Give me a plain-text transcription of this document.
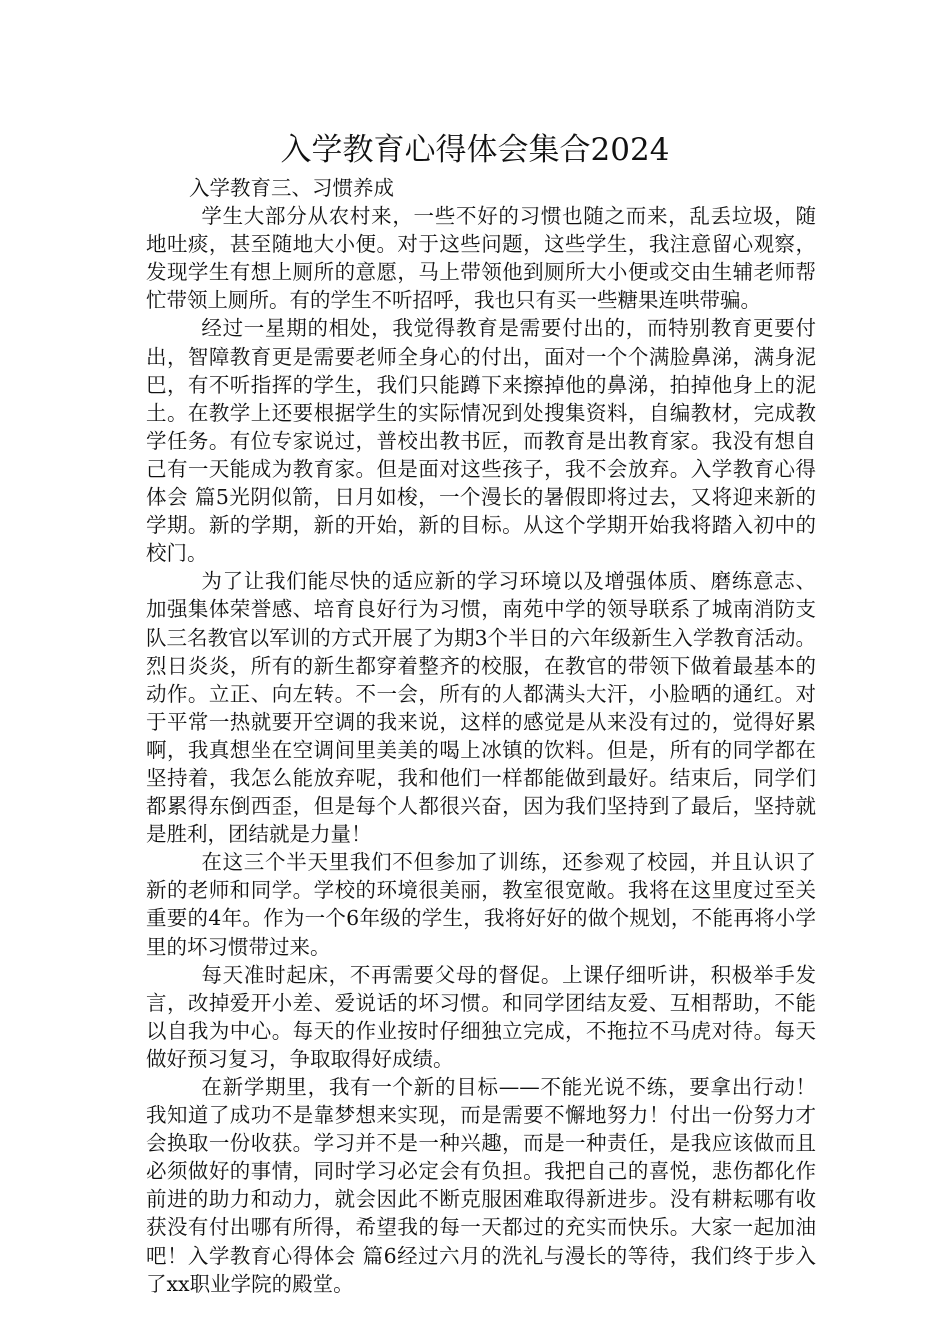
入学教育心得体会集合2024

入学教育三、习惯养成

学生大部分从农村来，一些不好的习惯也随之而来，乱丢垃圾，随地吐痰，甚至随地大小便。对于这些问题，这些学生，我注意留心观察，发现学生有想上厕所的意愿，马上带领他到厕所大小便或交由生辅老师帮忙带领上厕所。有的学生不听招呼，我也只有买一些糖果连哄带骗。

经过一星期的相处，我觉得教育是需要付出的，而特别教育更要付出，智障教育更是需要老师全身心的付出，面对一个个满脸鼻涕，满身泥巴，有不听指挥的学生，我们只能蹲下来擦掉他的鼻涕，拍掉他身上的泥土。在教学上还要根据学生的实际情况到处搜集资料，自编教材，完成教学任务。有位专家说过，普校出教书匠，而教育是出教育家。我没有想自己有一天能成为教育家。但是面对这些孩子，我不会放弃。入学教育心得体会 篇5光阴似箭，日月如梭，一个漫长的暑假即将过去，又将迎来新的学期。新的学期，新的开始，新的目标。从这个学期开始我将踏入初中的校门。

为了让我们能尽快的适应新的学习环境以及增强体质、磨练意志、加强集体荣誉感、培育良好行为习惯，南苑中学的领导联系了城南消防支队三名教官以军训的方式开展了为期3个半日的六年级新生入学教育活动。烈日炎炎，所有的新生都穿着整齐的校服，在教官的带领下做着最基本的动作。立正、向左转。不一会，所有的人都满头大汗，小脸晒的通红。对于平常一热就要开空调的我来说，这样的感觉是从来没有过的，觉得好累啊，我真想坐在空调间里美美的喝上冰镇的饮料。但是，所有的同学都在坚持着，我怎么能放弃呢，我和他们一样都能做到最好。结束后，同学们都累得东倒西歪，但是每个人都很兴奋，因为我们坚持到了最后，坚持就是胜利，团结就是力量！

在这三个半天里我们不但参加了训练，还参观了校园，并且认识了新的老师和同学。学校的环境很美丽，教室很宽敞。我将在这里度过至关重要的4年。作为一个6年级的学生，我将好好的做个规划，不能再将小学里的坏习惯带过来。

每天准时起床，不再需要父母的督促。上课仔细听讲，积极举手发言，改掉爱开小差、爱说话的坏习惯。和同学团结友爱、互相帮助，不能以自我为中心。每天的作业按时仔细独立完成，不拖拉不马虎对待。每天做好预习复习，争取取得好成绩。

在新学期里，我有一个新的目标——不能光说不练，要拿出行动！我知道了成功不是靠梦想来实现，而是需要不懈地努力！付出一份努力才会换取一份收获。学习并不是一种兴趣，而是一种责任，是我应该做而且必须做好的事情，同时学习必定会有负担。我把自己的喜悦，悲伤都化作前进的助力和动力，就会因此不断克服困难取得新进步。没有耕耘哪有收获没有付出哪有所得，希望我的每一天都过的充实而快乐。大家一起加油吧！入学教育心得体会 篇6经过六月的洗礼与漫长的等待，我们终于步入了xx职业学院的殿堂。
